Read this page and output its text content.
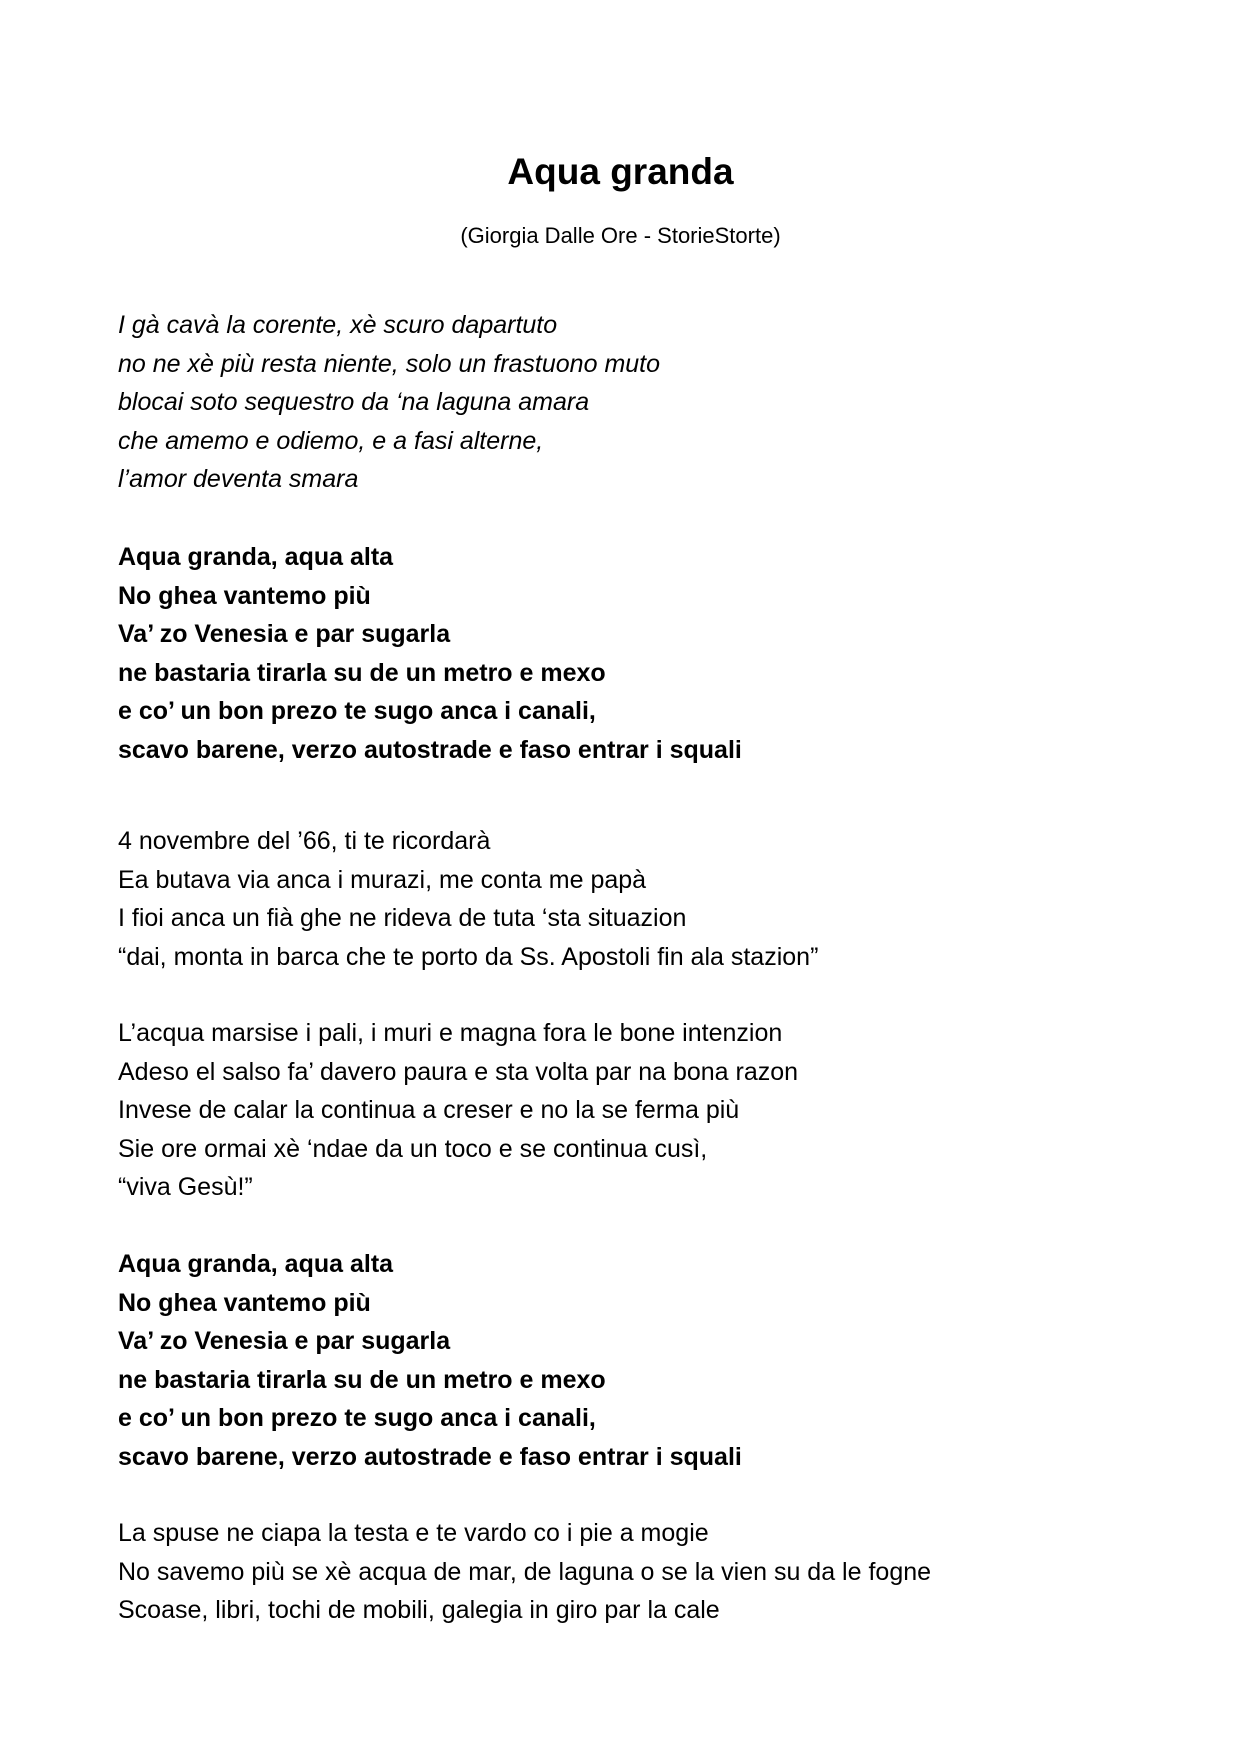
Aqua granda

(Giorgia Dalle Ore - StorieStorte)

I gà cavà la corente, xè scuro dapartuto
no ne xè più resta niente, solo un frastuono muto
blocai soto sequestro da ‘na laguna amara
che amemo e odiemo, e a fasi alterne,
l’amor deventa smara
Aqua granda, aqua alta
No ghea vantemo più
Va’ zo Venesia e par sugarla
ne bastaria tirarla su de un metro e mexo
e co’ un bon prezo te sugo anca i canali,
scavo barene, verzo autostrade e faso entrar i squali
4 novembre del ’66, ti te ricordarà
Ea butava via anca i murazi, me conta me papà
I fioi anca un fià ghe ne rideva de tuta ‘sta situazion
“dai, monta in barca che te porto da Ss. Apostoli fin ala stazion”
L’acqua marsise i pali, i muri e magna fora le bone intenzion
Adeso el salso fa’ davero paura e sta volta par na bona razon
Invese de calar la continua a creser e no la se ferma più
Sie ore ormai xè ‘ndae da un toco e se continua cusì,
“viva Gesù!”
Aqua granda, aqua alta
No ghea vantemo più
Va’ zo Venesia e par sugarla
ne bastaria tirarla su de un metro e mexo
e co’ un bon prezo te sugo anca i canali,
scavo barene, verzo autostrade e faso entrar i squali
La spuse ne ciapa la testa e te vardo co i pie a mogie
No savemo più se xè acqua de mar, de laguna o se la vien su da le fogne
Scoase, libri, tochi de mobili, galegia in giro par la cale
